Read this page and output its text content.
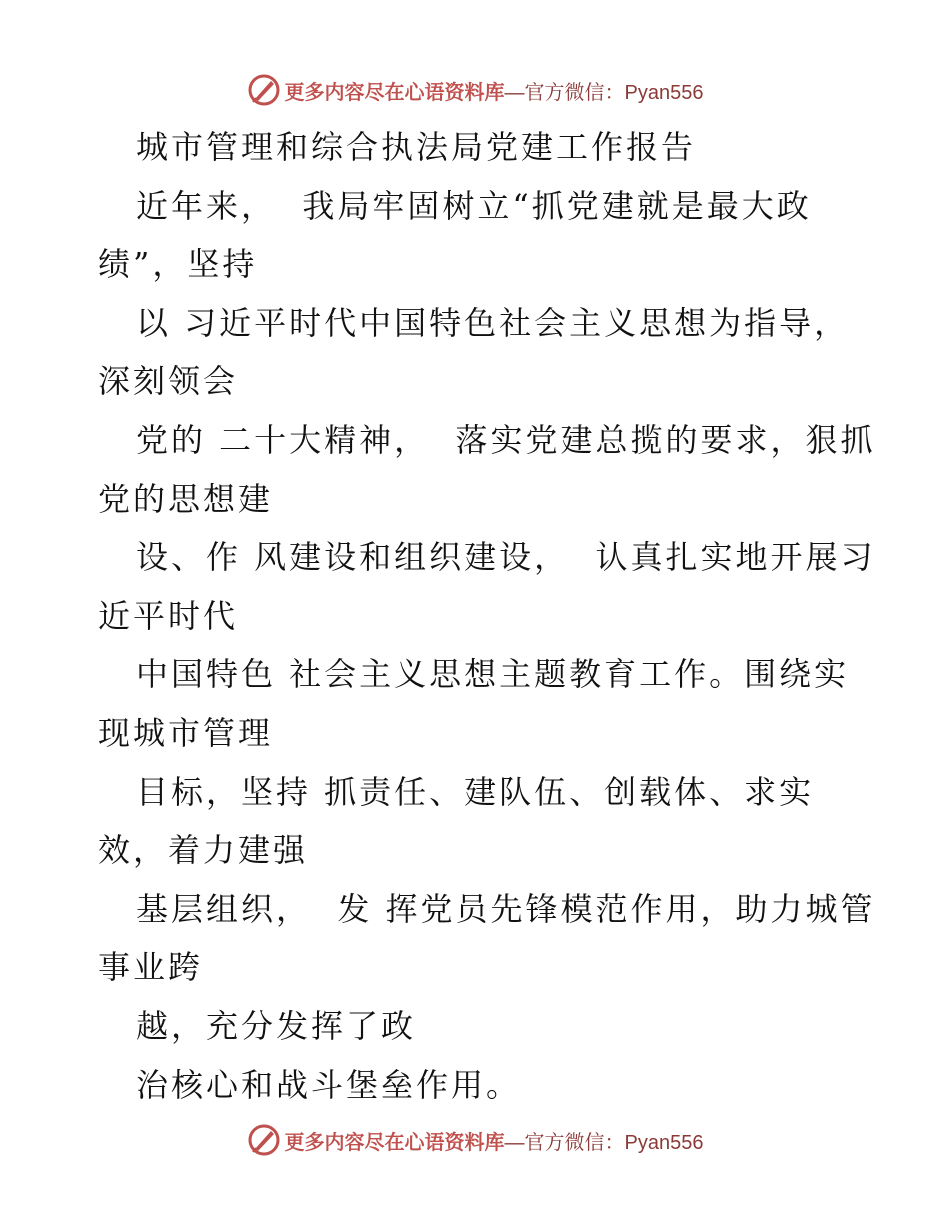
更多内容尽在心语资料库 —官方微信：Pyan556
城市管理和综合执法局党建工作报告
近年来，  我局牢固树立“抓党建就是最大政
绩”，坚持
以 习近平时代中国特色社会主义思想为指导，
深刻领会
党的 二十大精神，  落实党建总揽的要求，狠抓
党的思想建
设、作 风建设和组织建设，  认真扎实地开展习
近平时代
中国特色 社会主义思想主题教育工作。围绕实
现城市管理
目标，坚持 抓责任、建队伍、创载体、求实
效，着力建强
基层组织，  发 挥党员先锋模范作用，助力城管
事业跨
越，充分发挥了政
治核心和战斗堡垒作用。
更多内容尽在心语资料库 —官方微信：Pyan556
